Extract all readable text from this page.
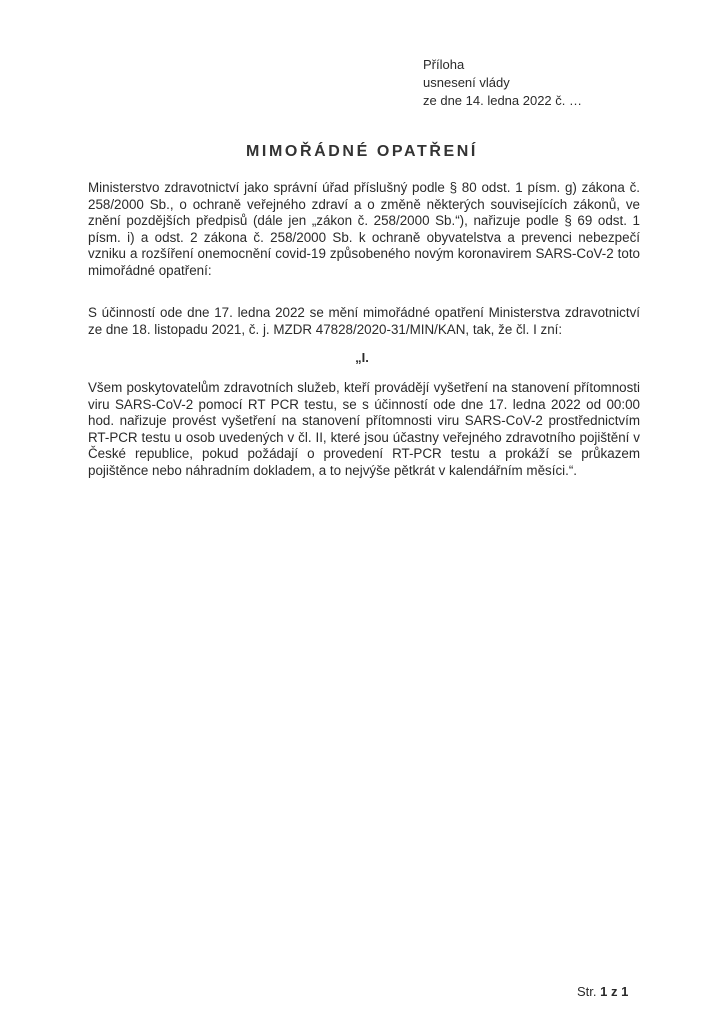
Příloha
usnesení vlády
ze dne 14. ledna 2022 č. …
MIMOŘÁDNÉ OPATŘENÍ
Ministerstvo zdravotnictví jako správní úřad příslušný podle § 80 odst. 1 písm. g) zákona č. 258/2000 Sb., o ochraně veřejného zdraví a o změně některých souvisejících zákonů, ve znění pozdějších předpisů (dále jen „zákon č. 258/2000 Sb.“), nařizuje podle § 69 odst. 1 písm. i) a odst. 2 zákona č. 258/2000 Sb. k ochraně obyvatelstva a prevenci nebezpečí vzniku a rozšíření onemocnění covid-19 způsobeného novým koronavirem SARS-CoV-2 toto mimořádné opatření:
S účinností ode dne 17. ledna 2022 se mění mimořádné opatření Ministerstva zdravotnictví ze dne 18. listopadu 2021, č. j. MZDR 47828/2020-31/MIN/KAN, tak, že čl. I zní:
„I.
Všem poskytovatelům zdravotních služeb, kteří provádějí vyšetření na stanovení přítomnosti viru SARS-CoV-2 pomocí RT PCR testu, se s účinností ode dne 17. ledna 2022 od 00:00 hod. nařizuje provést vyšetření na stanovení přítomnosti viru SARS-CoV-2 prostřednictvím RT-PCR testu u osob uvedených v čl. II, které jsou účastny veřejného zdravotního pojištění v České republice, pokud požádají o provedení RT-PCR testu a prokáží se průkazem pojištěnce nebo náhradním dokladem, a to nejvýše pětkrát v kalendářním měsíci.“.
Str. 1 z 1
